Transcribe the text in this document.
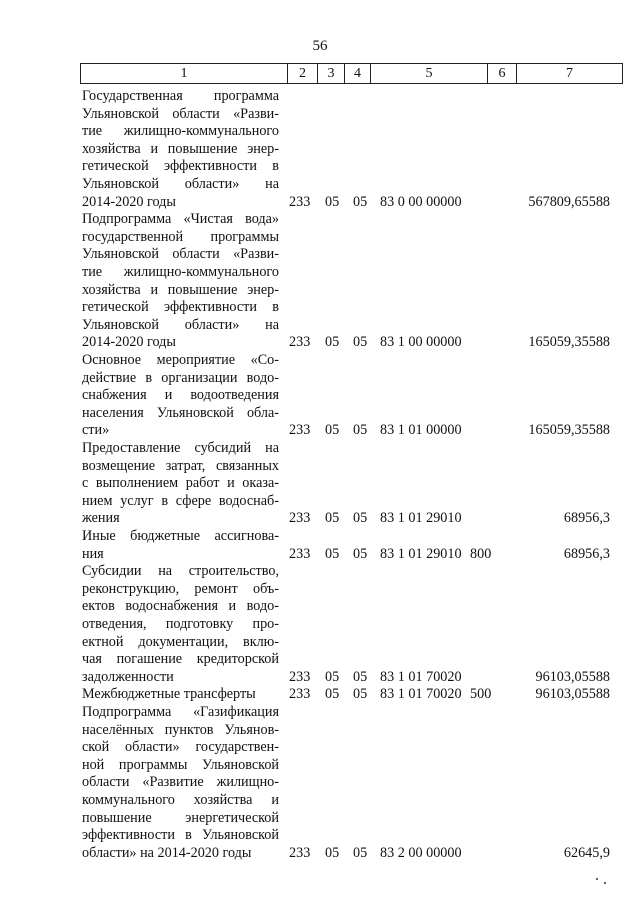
56
1	2	3	4	5	6	7
Государственная программа
Ульяновской области «Разви-
тие жилищно-коммунального
хозяйства и повышение энер-
гетической эффективности в
Ульяновской области» на
2014-2020 годы	233 05 05 83 0 00 00000	567809,65588
Подпрограмма «Чистая вода»
государственной программы
Ульяновской области «Разви-
тие жилищно-коммунального
хозяйства и повышение энер-
гетической эффективности в
Ульяновской области» на
2014-2020 годы	233 05 05 83 1 00 00000	165059,35588
Основное мероприятие «Со-
действие в организации водо-
снабжения и водоотведения
населения Ульяновской обла-
сти»	233 05 05 83 1 01 00000	165059,35588
Предоставление субсидий на
возмещение затрат, связанных
с выполнением работ и оказа-
нием услуг в сфере водоснаб-
жения	233 05 05 83 1 01 29010	68956,3
Иные бюджетные ассигнова-
ния	233 05 05 83 1 01 29010 800	68956,3
Субсидии на строительство,
реконструкцию, ремонт объ-
ектов водоснабжения и водо-
отведения, подготовку про-
ектной документации, вклю-
чая погашение кредиторской
задолженности	233 05 05 83 1 01 70020	96103,05588
Межбюджетные трансферты	233 05 05 83 1 01 70020 500	96103,05588
Подпрограмма «Газификация
населённых пунктов Ульянов-
ской области» государствен-
ной программы Ульяновской
области «Развитие жилищно-
коммунального хозяйства и
повышение энергетической
эффективности в Ульяновской
области» на 2014-2020 годы	233 05 05 83 2 00 00000	62645,9
